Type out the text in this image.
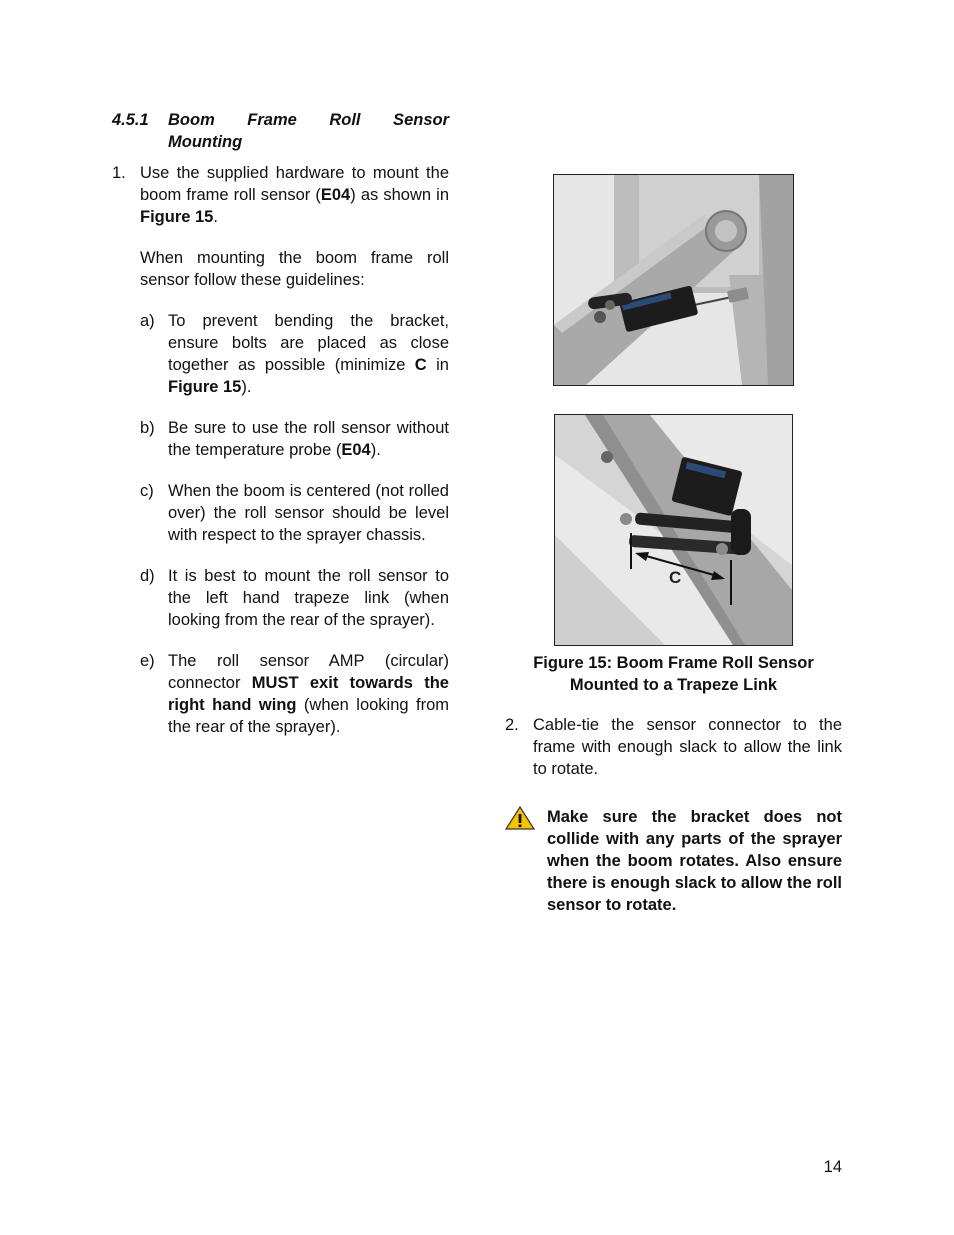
4.5.1	Boom Frame Roll Sensor
Mounting
1. Use the supplied hardware to mount the boom frame roll sensor (E04) as shown in Figure 15.

When mounting the boom frame roll sensor follow these guidelines:

a) To prevent bending the bracket, ensure bolts are placed as close together as possible (minimize C in Figure 15).
b) Be sure to use the roll sensor without the temperature probe (E04).
c) When the boom is centered (not rolled over) the roll sensor should be level with respect to the sprayer chassis.
d) It is best to mount the roll sensor to the left hand trapeze link (when looking from the rear of the sprayer).
e) The roll sensor AMP (circular) connector MUST exit towards the right hand wing (when looking from the rear of the sprayer).
C
Figure 15: Boom Frame Roll Sensor
Mounted to a Trapeze Link
2. Cable-tie the sensor connector to the frame with enough slack to allow the link to rotate.
Make sure the bracket does not collide with any parts of the sprayer when the boom rotates. Also ensure there is enough slack to allow the roll sensor to rotate.
14
